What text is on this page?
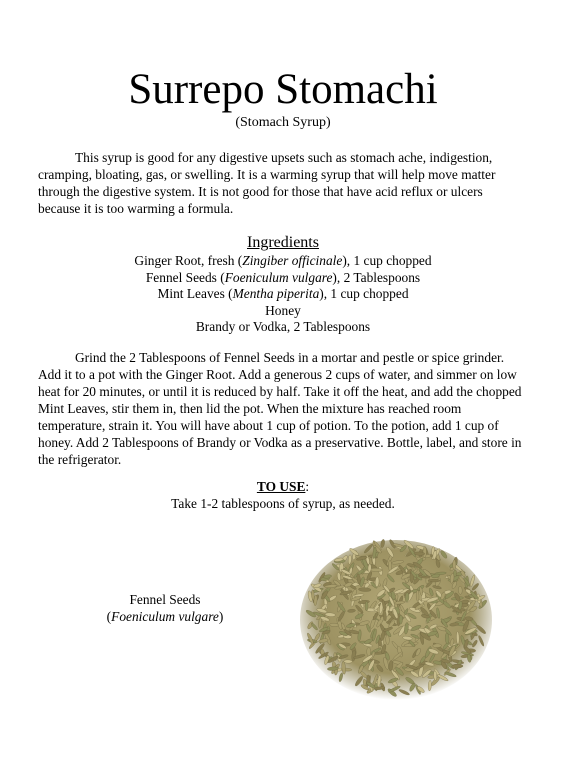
Surrepo Stomachi
(Stomach Syrup)

This syrup is good for any digestive upsets such as stomach ache, indigestion, cramping, bloating, gas, or swelling. It is a warming syrup that will help move matter through the digestive system. It is not good for those that have acid reflux or ulcers because it is too warming a formula.

Ingredients
Ginger Root, fresh (Zingiber officinale), 1 cup chopped
Fennel Seeds (Foeniculum vulgare), 2 Tablespoons
Mint Leaves (Mentha piperita), 1 cup chopped
Honey
Brandy or Vodka, 2 Tablespoons

Grind the 2 Tablespoons of Fennel Seeds in a mortar and pestle or spice grinder. Add it to a pot with the Ginger Root. Add a generous 2 cups of water, and simmer on low heat for 20 minutes, or until it is reduced by half. Take it off the heat, and add the chopped Mint Leaves, stir them in, then lid the pot. When the mixture has reached room temperature, strain it. You will have about 1 cup of potion. To the potion, add 1 cup of honey. Add 2 Tablespoons of Brandy or Vodka as a preservative. Bottle, label, and store in the refrigerator.

TO USE:
Take 1-2 tablespoons of syrup, as needed.
Fennel Seeds
(Foeniculum vulgare)
